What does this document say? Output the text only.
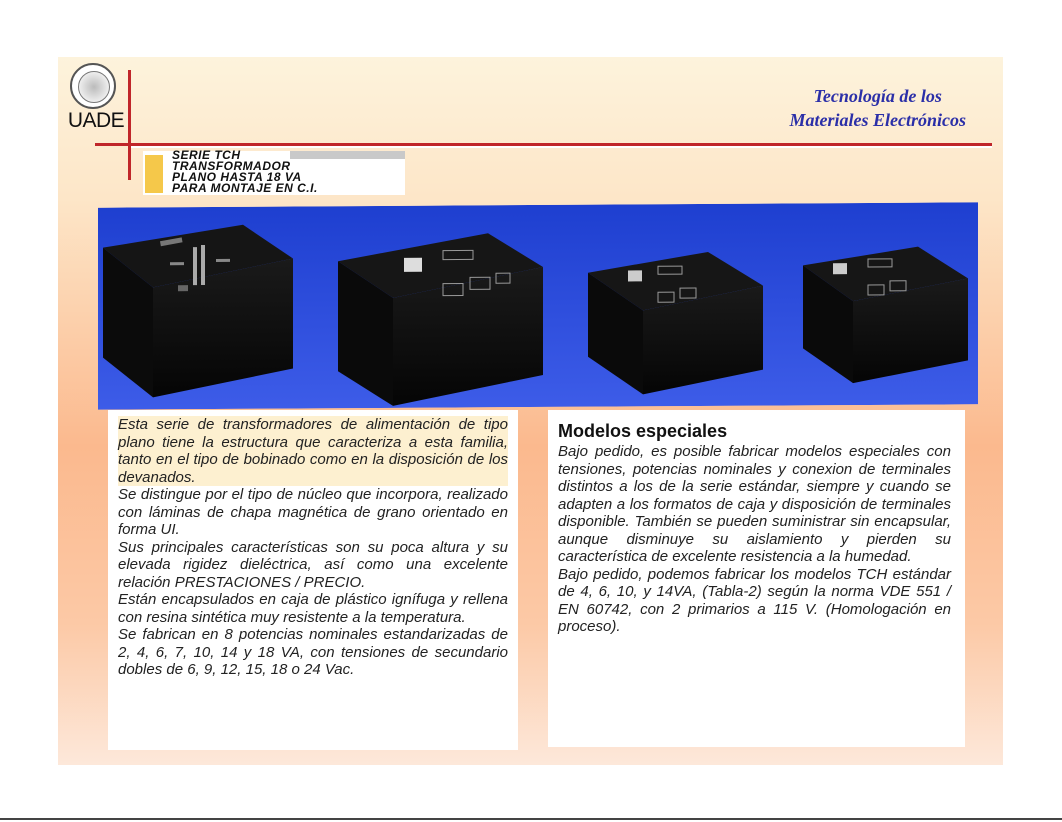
UADE
Tecnología de los
Materiales Electrónicos
SERIE TCH
TRANSFORMADOR
PLANO HASTA 18 VA
PARA MONTAJE EN C.I.

Esta serie de transformadores de alimentación de tipo plano tiene la estructura que caracteriza a esta familia, tanto en el tipo de bobinado como en la disposición de los devanados.

Se distingue por el tipo de núcleo que incorpora, realizado con láminas de chapa magnética de grano orientado en forma UI.

Sus principales características son su poca altura y su elevada rigidez dieléctrica, así como una excelente relación PRESTACIONES / PRECIO.

Están encapsulados en caja de plástico ignífuga y rellena con resina sintética muy resistente a la temperatura.

Se fabrican en 8 potencias nominales estandarizadas de 2, 4, 6, 7, 10, 14 y 18 VA, con tensiones de secundario dobles de 6, 9, 12, 15, 18 o 24 Vac.

Modelos especiales

Bajo pedido, es posible fabricar modelos especiales con tensiones, potencias nominales y conexion de terminales distintos a los de la serie estándar, siempre y cuando se adapten a los formatos de caja y disposición de terminales disponible. También se pueden suministrar sin encapsular, aunque disminuye su aislamiento y pierden su característica de excelente resistencia a la humedad.

Bajo pedido, podemos fabricar los modelos TCH estándar de 4, 6, 10, y 14VA, (Tabla-2) según la norma VDE 551 / EN 60742, con 2 primarios a 115 V. (Homologación en proceso).
